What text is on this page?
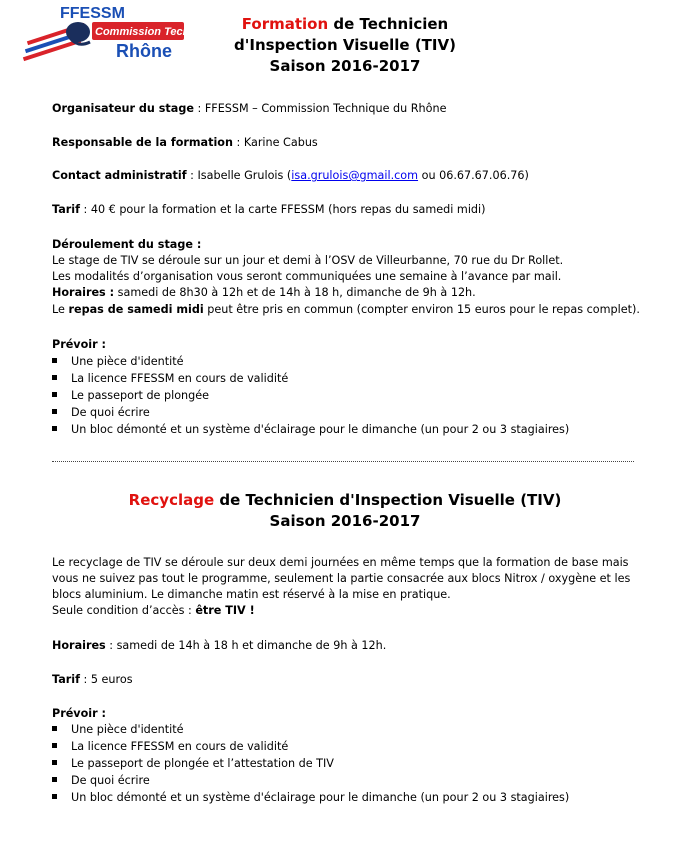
FFESSM
Commission Technique
Rhône
Formation de Technicien
d'Inspection Visuelle (TIV)
Saison 2016-2017
Organisateur du stage : FFESSM – Commission Technique du Rhône
Responsable de la formation : Karine Cabus
Contact administratif : Isabelle Grulois (isa.grulois@gmail.com ou 06.67.67.06.76)
Tarif : 40 € pour la formation et la carte FFESSM (hors repas du samedi midi)
Déroulement du stage :
Le stage de TIV se déroule sur un jour et demi à l’OSV de Villeurbanne, 70 rue du Dr Rollet.
Les modalités d’organisation vous seront communiquées une semaine à l’avance par mail.
Horaires : samedi de 8h30 à 12h et de 14h à 18 h, dimanche de 9h à 12h.
Le repas de samedi midi peut être pris en commun (compter environ 15 euros pour le repas complet).
Prévoir :
Une pièce d'identité
La licence FFESSM en cours de validité
Le passeport de plongée
De quoi écrire
Un bloc démonté et un système d'éclairage pour le dimanche (un pour 2 ou 3 stagiaires)
Recyclage de Technicien d'Inspection Visuelle (TIV)
Saison 2016-2017
Le recyclage de TIV se déroule sur deux demi journées en même temps que la formation de base mais
vous ne suivez pas tout le programme, seulement la partie consacrée aux blocs Nitrox / oxygène et les
blocs aluminium. Le dimanche matin est réservé à la mise en pratique.
Seule condition d’accès : être TIV !
Horaires : samedi de 14h à 18 h et dimanche de 9h à 12h.
Tarif : 5 euros
Prévoir :
Une pièce d'identité
La licence FFESSM en cours de validité
Le passeport de plongée et l’attestation de TIV
De quoi écrire
Un bloc démonté et un système d'éclairage pour le dimanche (un pour 2 ou 3 stagiaires)
